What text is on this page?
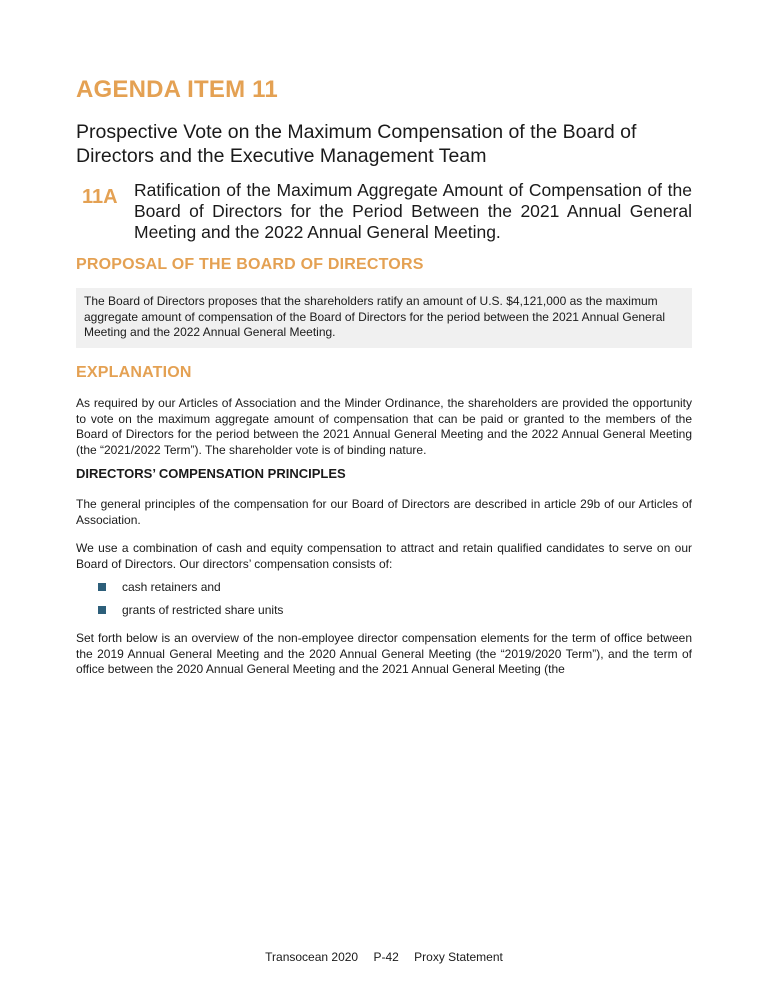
AGENDA ITEM 11
Prospective Vote on the Maximum Compensation of the Board of Directors and the Executive Management Team
11A Ratification of the Maximum Aggregate Amount of Compensation of the Board of Directors for the Period Between the 2021 Annual General Meeting and the 2022 Annual General Meeting.

PROPOSAL OF THE BOARD OF DIRECTORS

The Board of Directors proposes that the shareholders ratify an amount of U.S. $4,121,000 as the maximum aggregate amount of compensation of the Board of Directors for the period between the 2021 Annual General Meeting and the 2022 Annual General Meeting.

EXPLANATION

As required by our Articles of Association and the Minder Ordinance, the shareholders are provided the opportunity to vote on the maximum aggregate amount of compensation that can be paid or granted to the members of the Board of Directors for the period between the 2021 Annual General Meeting and the 2022 Annual General Meeting (the “2021/2022 Term”). The shareholder vote is of binding nature.

DIRECTORS’ COMPENSATION PRINCIPLES

The general principles of the compensation for our Board of Directors are described in article 29b of our Articles of Association.

We use a combination of cash and equity compensation to attract and retain qualified candidates to serve on our Board of Directors. Our directors’ compensation consists of:

cash retainers and
grants of restricted share units

Set forth below is an overview of the non-employee director compensation elements for the term of office between the 2019 Annual General Meeting and the 2020 Annual General Meeting (the “2019/2020 Term”), and the term of office between the 2020 Annual General Meeting and the 2021 Annual General Meeting (the

Transocean 2020 P-42 Proxy Statement
